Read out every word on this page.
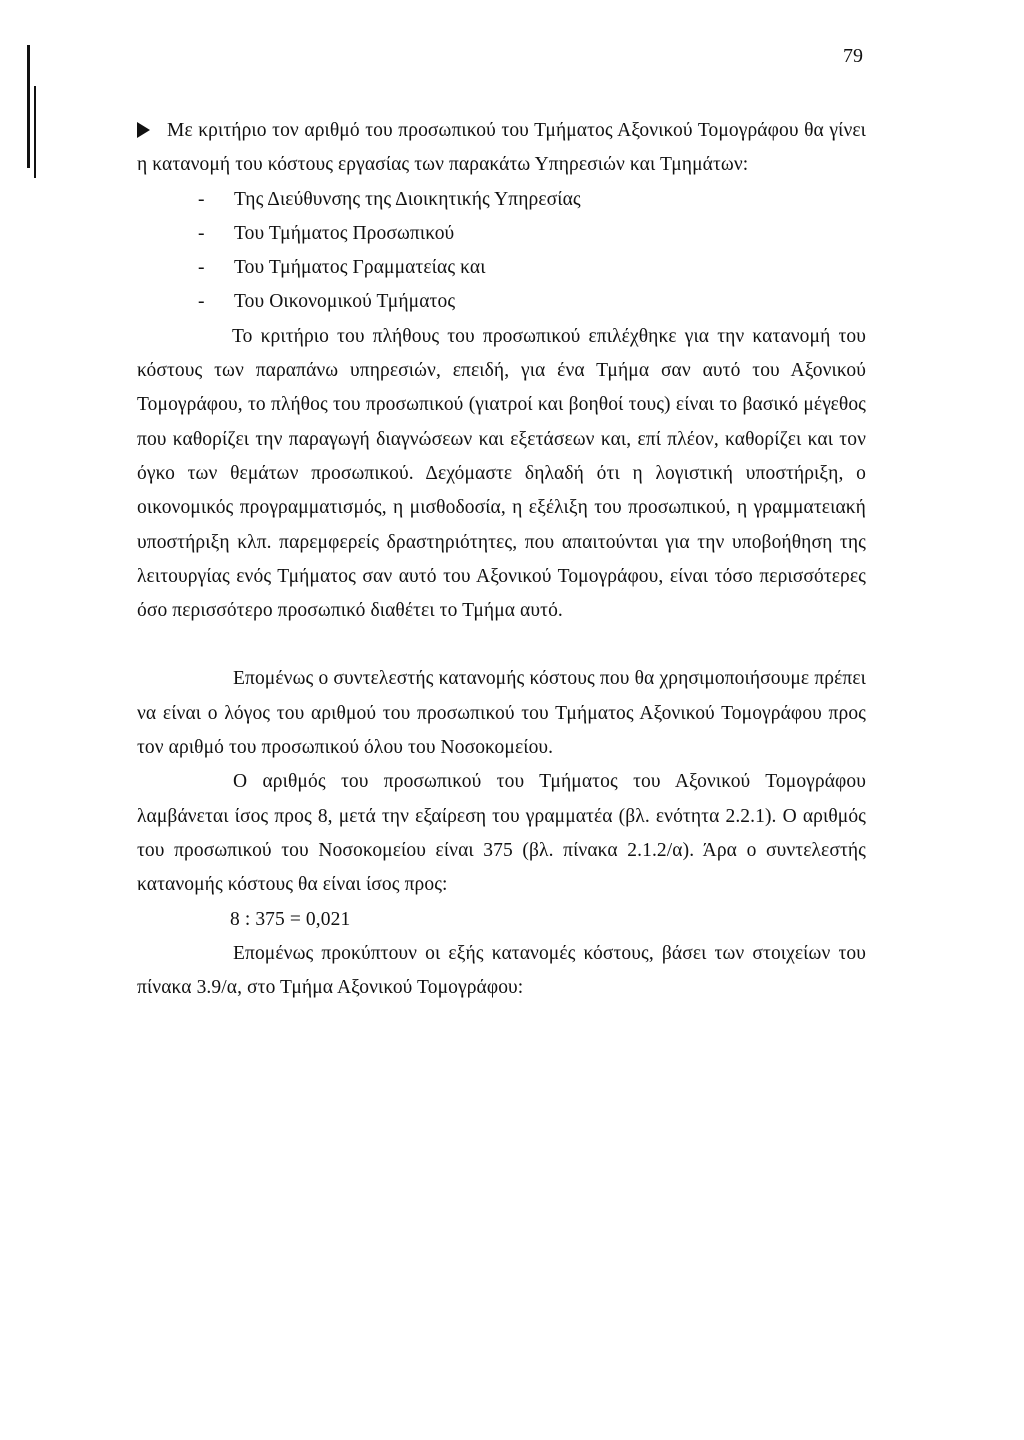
79

Με κριτήριο τον αριθμό του προσωπικού του Τμήματος Αξονικού Τομογράφου θα γίνει η κατανομή του κόστους εργασίας των παρακάτω Υπηρεσιών και Τμημάτων:

- Της Διεύθυνσης της Διοικητικής Υπηρεσίας
- Του Τμήματος Προσωπικού
- Του Τμήματος Γραμματείας και
- Του Οικονομικού Τμήματος

Το κριτήριο του πλήθους του προσωπικού επιλέχθηκε για την κατανομή του κόστους των παραπάνω υπηρεσιών, επειδή, για ένα Τμήμα σαν αυτό του Αξονικού Τομογράφου, το πλήθος του προσωπικού (γιατροί και βοηθοί τους) είναι το βασικό μέγεθος που καθορίζει την παραγωγή διαγνώσεων και εξετάσεων και, επί πλέον, καθορίζει και τον όγκο των θεμάτων προσωπικού. Δεχόμαστε δηλαδή ότι η λογιστική υποστήριξη, ο οικονομικός προγραμματισμός, η μισθοδοσία, η εξέλιξη του προσωπικού, η γραμματειακή υποστήριξη κλπ. παρεμφερείς δραστηριότητες, που απαιτούνται για την υποβοήθηση της λειτουργίας ενός Τμήματος σαν αυτό του Αξονικού Τομογράφου, είναι τόσο περισσότερες όσο περισσότερο προσωπικό διαθέτει το Τμήμα αυτό.

Επομένως ο συντελεστής κατανομής κόστους που θα χρησιμοποιήσουμε πρέπει να είναι ο λόγος του αριθμού του προσωπικού του Τμήματος Αξονικού Τομογράφου προς τον αριθμό του προσωπικού όλου του Νοσοκομείου.

Ο αριθμός του προσωπικού του Τμήματος του Αξονικού Τομογράφου λαμβάνεται ίσος προς 8, μετά την εξαίρεση του γραμματέα (βλ. ενότητα 2.2.1). Ο αριθμός του προσωπικού του Νοσοκομείου είναι 375 (βλ. πίνακα 2.1.2/α). Άρα ο συντελεστής κατανομής κόστους θα είναι ίσος προς:

8 : 375 = 0,021

Επομένως προκύπτουν οι εξής κατανομές κόστους, βάσει των στοιχείων του πίνακα 3.9/α, στο Τμήμα Αξονικού Τομογράφου:
